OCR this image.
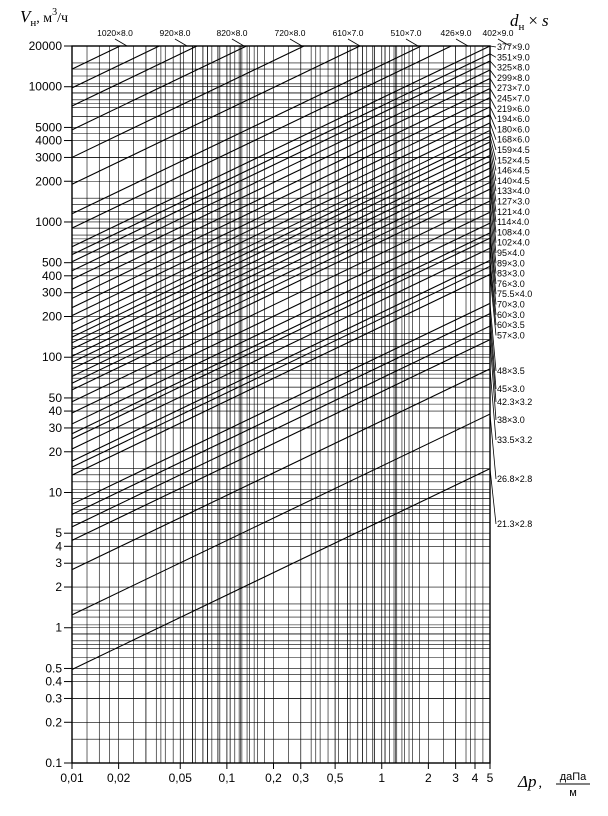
20000
10000
5000
4000
3000
2000
1000
500
400
300
200
100
50
40
30
20
10
5
4
3
2
1
0.5
0.4
0.3
0.2
0.1
0,01 0,02	0,05 0,1 0,2 0,3 0,5	1	2 3 4 5
1020×8.0	920×8.0	820×8.0	720×8.0	610×7.0	510×7.0 426×9.0 402×9.0
377×9.0
351×9.0
325×8.0
299×8.0
273×7.0
245×7.0
219×6.0
194×6.0
180×6.0
168×6.0
159×4.5
152×4.5
146×4.5
140×4.5
133×4.0
127×3.0
121×4.0
114×4.0
108×4.0
102×4.0
95×4.0
89×3.0
83×3.0
76×3.0
75.5×4.0
70×3.0
60×3.0
60×3.5
57×3.0
48×3.5
45×3.0
42.3×3.2
38×3.0
33.5×3.2
26.8×2.8
21.3×2.8
$V_н^{, м3}_{/ч}$	$d_н \times s$
Δp , даПа
м
